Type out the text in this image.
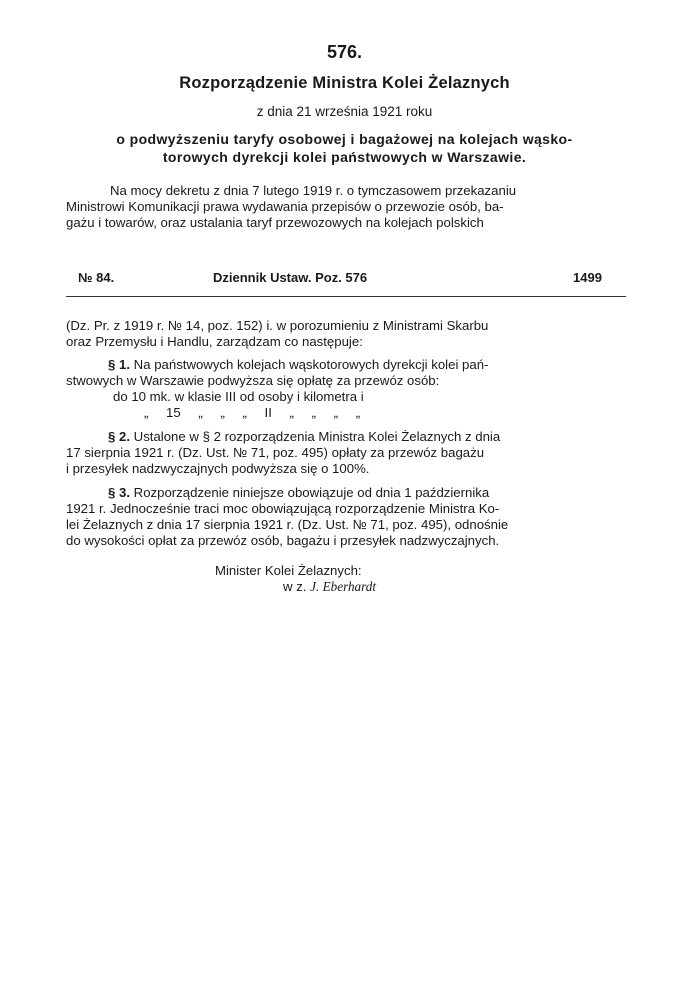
576.
Rozporządzenie Ministra Kolei Żelaznych
z dnia 21 września 1921 roku
o podwyższeniu taryfy osobowej i bagażowej na kolejach wąsko-
torowych dyrekcji kolei państwowych w Warszawie.
Na mocy dekretu z dnia 7 lutego 1919 r. o tymczasowem przekazaniu
Ministrowi Komunikacji prawa wydawania przepisów o przewozie osób, ba-
gażu i towarów, oraz ustalania taryf przewozowych na kolejach polskich
№ 84.	Dziennik Ustaw. Poz. 576	1499
(Dz. Pr. z 1919 r. № 14, poz. 152) i. w porozumieniu z Ministrami Skarbu
oraz Przemysłu i Handlu, zarządzam co następuje:
§ 1. Na państwowych kolejach wąskotorowych dyrekcji kolei pań-
stwowych w Warszawie podwyższa się opłatę za przewóz osób:
do 10 mk. w klasie III od osoby i kilometra i
„ 15 „ „ „ II „ „ „ „
§ 2. Ustalone w § 2 rozporządzenia Ministra Kolei Żelaznych z dnia
17 sierpnia 1921 r. (Dz. Ust. № 71, poz. 495) opłaty za przewóz bagażu
i przesyłek nadzwyczajnych podwyższa się o 100%.
§ 3. Rozporządzenie niniejsze obowiązuje od dnia 1 października
1921 r. Jednocześnie traci moc obowiązującą rozporządzenie Ministra Ko-
lei Żelaznych z dnia 17 sierpnia 1921 r. (Dz. Ust. № 71, poz. 495), odnośnie
do wysokości opłat za przewóz osób, bagażu i przesyłek nadzwyczajnych.
Minister Kolei Żelaznych:
w z. J. Eberhardt
